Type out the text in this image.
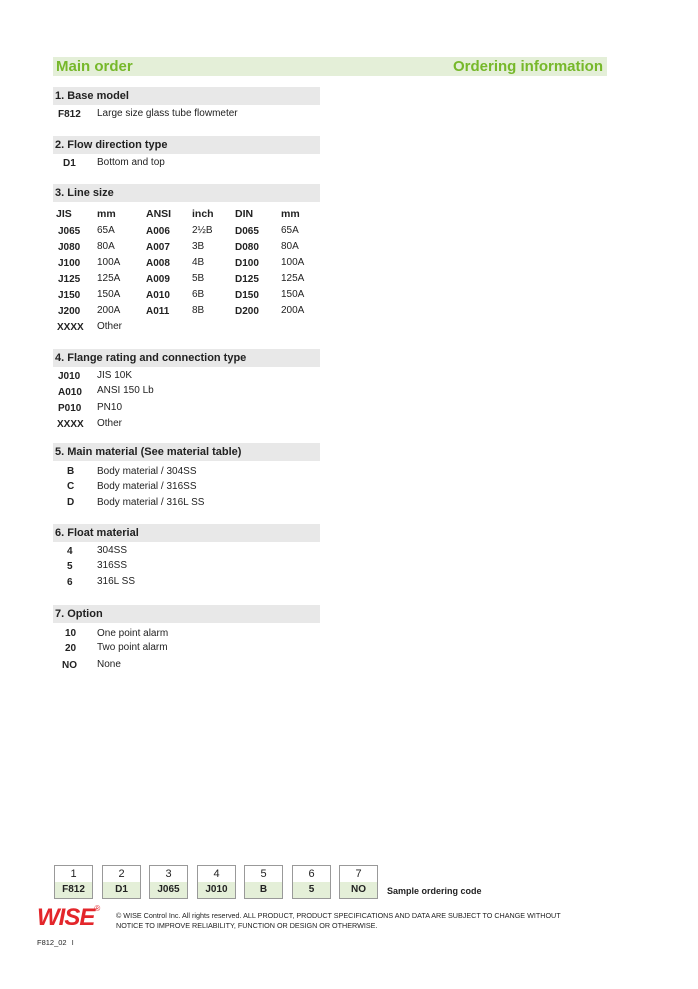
Main order	Ordering information
1. Base model
F812 Large size glass tube flowmeter
2. Flow direction type
D1 Bottom and top
3. Line size
JIS mm	ANSI inch DIN	mm
J065 65A	A006 2½B D065 65A
J080 80A	A007 3B	D080 80A
J100 100A	A008 4B	D100 100A
J125 125A	A009 5B	D125 125A
J150 150A	A010 6B	D150 150A
J200 200A	A011 8B	D200 200A
XXXX Other
4. Flange rating and connection type
J010 JIS 10K
A010 ANSI 150 Lb
P010 PN10
XXXX Other
5. Main material (See material table)
B Body material / 304SS
C Body material / 316SS
D Body material / 316L SS
6. Float material
4 304SS
5 316SS
6 316L SS
7. Option
10 One point alarm
20 Two point alarm
NO None
1
F812
2
D1
3
J065
4
J010
5
B
6
5
7
NO	Sample ordering code
WISE®
© WISE Control Inc. All rights reserved. ALL PRODUCT, PRODUCT SPECIFICATIONS AND DATA ARE SUBJECT TO CHANGE WITHOUT
NOTICE TO IMPROVE RELIABILITY, FUNCTION OR DESIGN OR OTHERWISE.
F812_02 I
